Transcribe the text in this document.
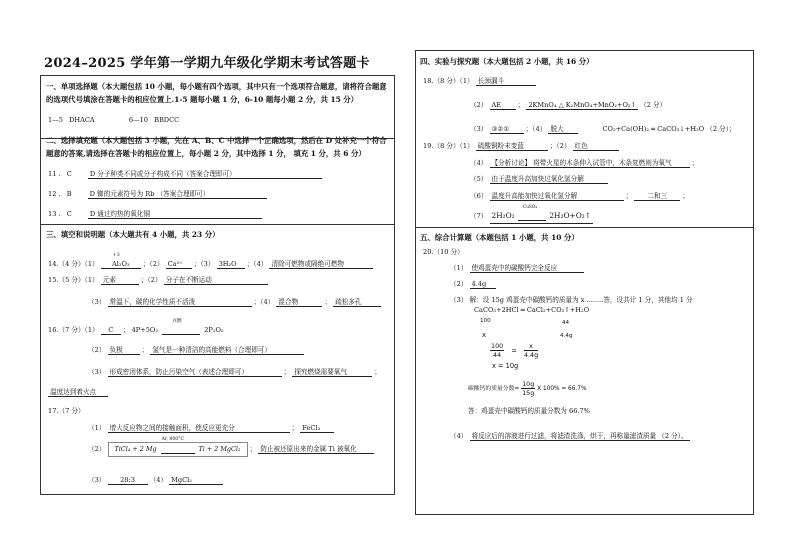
2024–2025 学年第一学期九年级化学期末考试答题卡
一、单项选择题（本大题包括 10 小题，每小题有四个选项，其中只有一个选项符合题意，请将符合题意的选项代号填涂在答题卡的相应位置上.1-5 题每小题 1 分，6-10 题每小题 2 分，共 15 分）
1—5 DHACA	6—10 BBDCC
二、选择填充题（本大题包括 3 小题，先在 A、B、C 中选择一个正确选项，然后在 D 处补充一个符合题意的答案,请选择在答题卡的相应位置上，每小题 2 分，其中选择 1 分， 填充 1 分，共 6 分）
11 . C	D 分子种类不同或分子构成不同（答案合理即可）
12 . B	D 铷的元素符号为 Rb （答案合理即可）
13 . C	D 通过灼热的氧化铜
三、填空和说明题（本大题共有 4 小题，共 23 分）
14.（4 分）（1）
+3
Al₂O₃ ；（2） Ca²⁺ ；（3） 3H₂O ；（4） 清除可燃物或隔绝可燃物
15.（5 分）（1） 元素	；（2） 分子在不断运动
（3） 常温下，碳的化学性质不活泼	；（4） 混合物	； 疏松多孔
16.（7 分）（1） C ； 4P+5O₂
点燃
2P₂O₅
（2） 负极	； 氢气是一种清洁的高能燃料（合理即可）
（3） 形成密闭体系，防止污染空气（表述合理即可）	； 探究燃烧需要氧气	；
温度达到着火点
17.（7 分）
（1） 增大反应物之间的接触面积，使反应更充分	； FeCl₃
（2） TiCl₄ + 2 Mg
Ar, 800°C
Ti + 2 MgCl₂ ； 防止被还原出来的金属 Ti 被氧化
（3） 28:3 （4） MgCl₂
四、实验与探究题（本大题包括 2 小题，共 16 分）
18.（8 分）（1） 长颈漏斗
（2） AE	； 2KMnO₄ △ K₂MnO₄+MnO₂+O₂↑ （2 分）
（3） ③②① ；（4） 脱大	CO₂+Ca(OH)₂ ═ CaCO₃↓+H₂O （2 分）；
19.（8 分）（1） 硫酸铜粉末变蓝	；（2） 红色
（4） 【分析讨论】 将带火星的木条伸入试管中，木条复燃则为氧气	；
（5） 由于温度升高加快过氧化氢分解
（6） 温度升高能加快过氧化氢分解	； 二和三 ；
（7） 2H₂O₂
CuSO₄
2H₂O+O₂↑
五、综合计算题（本题包括 1 小题，共 10 分）
20.（10 分）
（1） 使鸡蛋壳中的碳酸钙完全反应
（2） 4.4g
（3） 解：设 15g 鸡蛋壳中碳酸钙的质量为 x ........答，设共计 1 分，其他均 1 分
CaCO₃+2HCl ═ CaCl₂+CO₂↑+H₂O
100	44
x	4.4g
$\frac{100}{44} = \frac{x}{4.4g}$
x = 10g
碳酸钙的质量分数= $\frac{10g}{15g}$ X 100% = 66.7%
答：鸡蛋壳中碳酸钙的质量分数为 66.7%
（4） 将反应后的溶液进行过滤，将滤渣洗涤，烘干，再称量滤渣质量 （2 分）。
